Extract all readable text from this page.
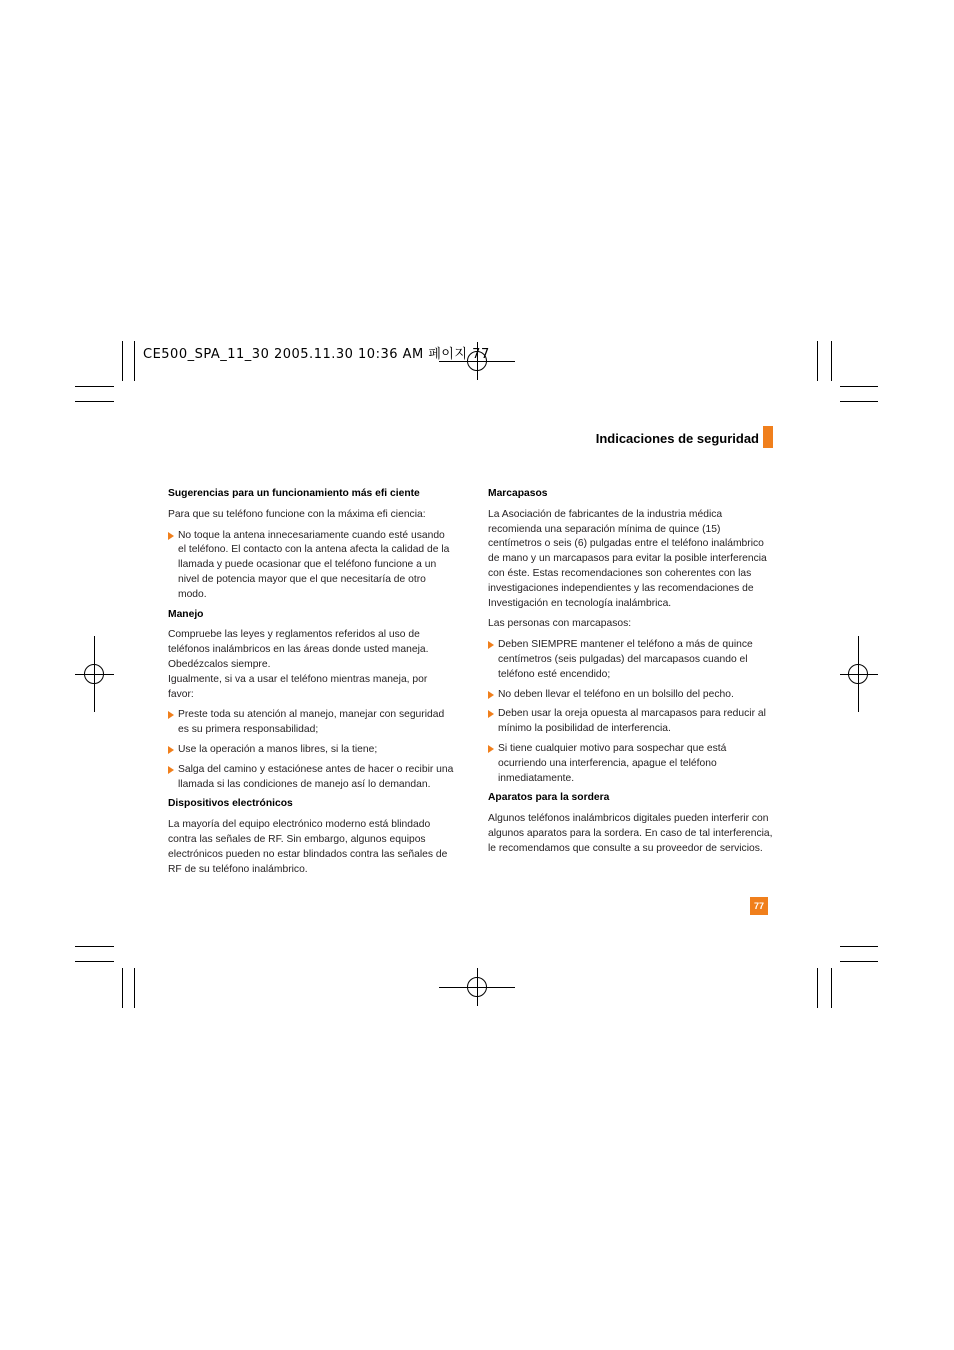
CE500_SPA_11_30 2005.11.30 10:36 AM 페이지 77
Indicaciones de seguridad
Sugerencias para un funcionamiento más efi ciente

Para que su teléfono funcione con la máxima efi ciencia:

No toque la antena innecesariamente cuando esté usando el teléfono. El contacto con la antena afecta la calidad de la llamada y puede ocasionar que el teléfono funcione a un nivel de potencia mayor que el que necesitaría de otro modo.
Manejo

Compruebe las leyes y reglamentos referidos al uso de teléfonos inalámbricos en las áreas donde usted maneja. Obedézcalos siempre.

Igualmente, si va a usar el teléfono mientras maneja, por favor:

Preste toda su atención al manejo, manejar con seguridad es su primera responsabilidad;
Use la operación a manos libres, si la tiene;
Salga del camino y estaciónese antes de hacer o recibir una llamada si las condiciones de manejo así lo demandan.
Dispositivos electrónicos

La mayoría del equipo electrónico moderno está blindado contra las señales de RF. Sin embargo, algunos equipos electrónicos pueden no estar blindados contra las señales de RF de su teléfono inalámbrico.

Marcapasos

La Asociación de fabricantes de la industria médica recomienda una separación mínima de quince (15) centímetros o seis (6) pulgadas entre el teléfono inalámbrico de mano y un marcapasos para evitar la posible interferencia con éste. Estas recomendaciones son coherentes con las investigaciones independientes y las recomendaciones de Investigación en tecnología inalámbrica.

Las personas con marcapasos:

Deben SIEMPRE mantener el teléfono a más de quince centímetros (seis pulgadas) del marcapasos cuando el teléfono esté encendido;
No deben llevar el teléfono en un bolsillo del pecho.
Deben usar la oreja opuesta al marcapasos para reducir al mínimo la posibilidad de interferencia.
Si tiene cualquier motivo para sospechar que está ocurriendo una interferencia, apague el teléfono inmediatamente.
Aparatos para la sordera

Algunos teléfonos inalámbricos digitales pueden interferir con algunos aparatos para la sordera. En caso de tal interferencia, le recomendamos que consulte a su proveedor de servicios.

77
